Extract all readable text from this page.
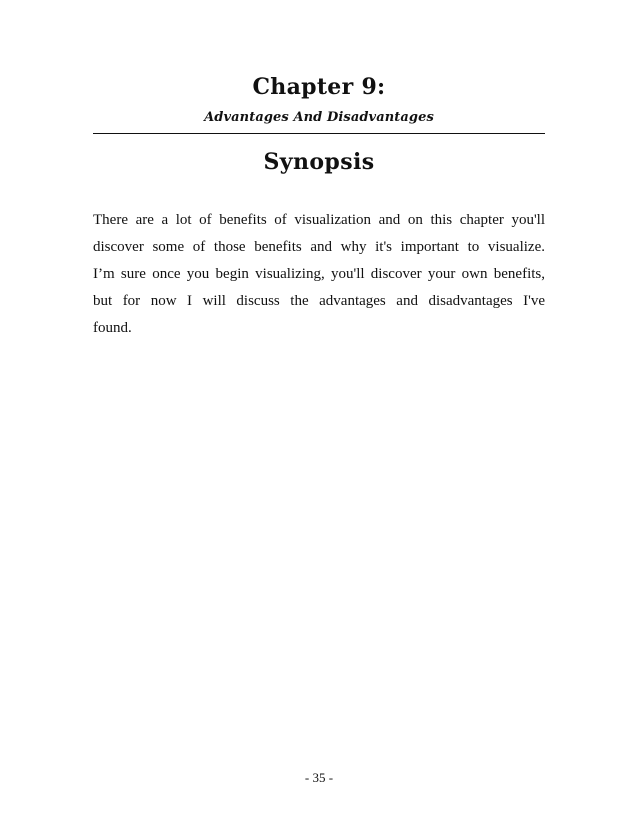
Chapter 9:
Advantages And Disadvantages
Synopsis
There are a lot of benefits of visualization and on this chapter you'll
discover some of those benefits and why it's important to visualize.
I’m sure once you begin visualizing, you'll discover your own benefits,
but for now I will discuss the advantages and disadvantages I've
found.
- 35 -
